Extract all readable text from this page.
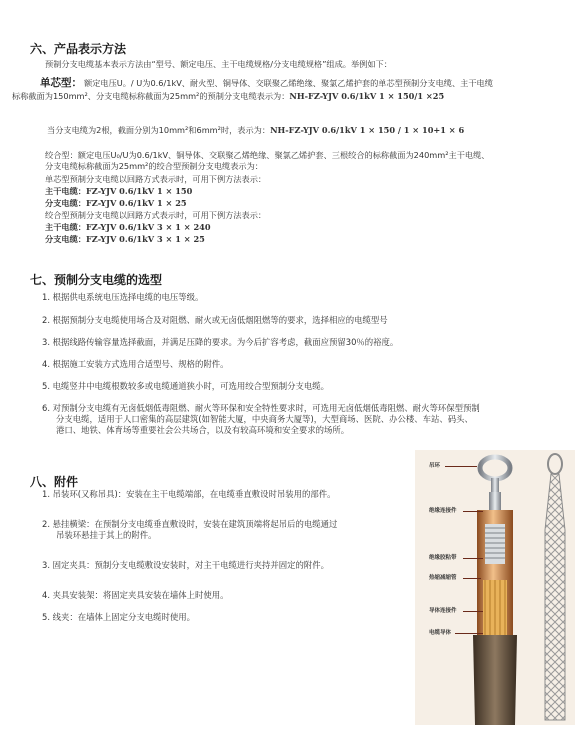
六、产品表示方法
预制分支电缆基本表示方法由“型号、额定电压、主干电缆规格/分支电缆规格”组成。举例如下：
单芯型： 额定电压U。/ U为0.6/1kV、耐火型、铜导体、交联聚乙烯绝缘、聚氯乙烯护套的单芯型预制分支电缆、主干电缆
标称截面为150mm²、分支电缆标称截面为25mm²的预制分支电缆表示为：NH-FZ-YJV 0.6/1kV 1 × 150/1 ×25
当分支电缆为2根，截面分别为10mm²和6mm²时，表示为：NH-FZ-YJV 0.6/1kV 1 × 150 / 1 × 10+1 × 6
绞合型：额定电压U₀/U为0.6/1kV、铜导体、交联聚乙烯绝缘、聚氯乙烯护套、三根绞合的标称截面为240mm²主干电缆、
分支电缆标称截面为25mm²的绞合型预制分支电缆表示为：
单芯型预制分支电缆以回路方式表示时，可用下例方法表示：
主干电缆：FZ-YJV 0.6/1kV 1 × 150
分支电缆：FZ-YJV 0.6/1kV 1 × 25
绞合型预制分支电缆以回路方式表示时，可用下例方法表示：
主干电缆：FZ-YJV 0.6/1kV 3 × 1 × 240
分支电缆：FZ-YJV 0.6/1kV 3 × 1 × 25
七、预制分支电缆的选型
1. 根据供电系统电压选择电缆的电压等级。
2. 根据预制分支电缆使用场合及对阻燃、耐火或无卤低烟阻燃等的要求，选择相应的电缆型号
3. 根据线路传输容量选择截面，并满足压降的要求。为今后扩容考虑，截面应预留30％的裕度。
4. 根据施工安装方式选用合适型号、规格的附件。
5. 电缆竖井中电缆根数较多或电缆通道狭小时，可选用绞合型预制分支电缆。
6. 对预制分支电缆有无卤低烟低毒阻燃、耐火等环保和安全特性要求时，可选用无卤低烟低毒阻燃、耐火等环保型预制
分支电缆，适用于人口密集的高层建筑(如智能大厦，中央商务大厦等)，大型商场、医院、办公楼、车站、码头、
港口、地铁、体育场等重要社会公共场合，以及有较高环境和安全要求的场所。
八、附件
1. 吊装环(又称吊具)：安装在主干电缆端部，在电缆垂直敷设时吊装用的部件。
2. 悬挂横梁：在预制分支电缆垂直敷设时，安装在建筑顶端将起吊后的电缆通过
吊装环悬挂于其上的附件。
3. 固定夹具：预制分支电缆敷设安装时，对主干电缆进行夹持并固定的附件。
4. 夹具安装架：将固定夹具安装在墙体上时使用。
5. 线夹：在墙体上固定分支电缆时使用。
吊环
绝缘连接件
绝缘胶粘带
热缩减缩管
导体连接件
电缆导体
